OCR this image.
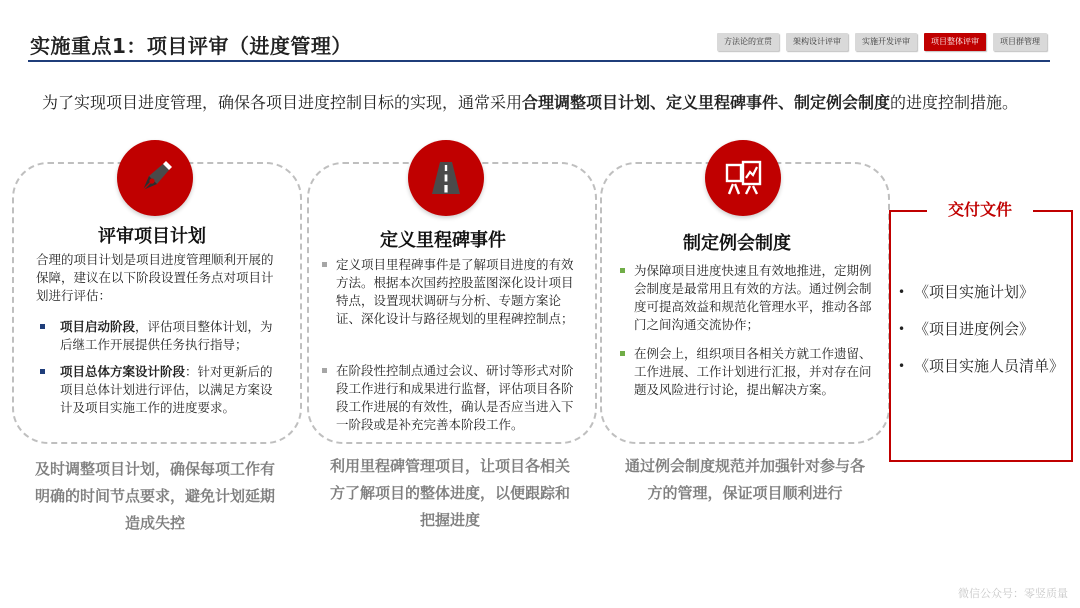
实施重点1：项目评审（进度管理）	方法论的宣贯	架构设计评审	实施开发评审	项目整体评审	项目群管理
为了实现项目进度管理，确保各项目进度控制目标的实现，通常采用合理调整项目计划、定义里程碑事件、制定例会制度的进度控制措施。
评审项目计划	定义里程碑事件	制定例会制度
合理的项目计划是项目进度管理顺利开展的保障，建议在以下阶段设置任务点对项目计划进行评估：
项目启动阶段，评估项目整体计划，为后继工作开展提供任务执行指导；
项目总体方案设计阶段：针对更新后的项目总体计划进行评估，以满足方案设计及项目实施工作的进度要求。
定义项目里程碑事件是了解项目进度的有效方法。根据本次国药控股蓝图深化设计项目特点，设置现状调研与分析、专题方案论证、深化设计与路径规划的里程碑控制点；
在阶段性控制点通过会议、研讨等形式对阶段工作进行和成果进行监督，评估项目各阶段工作进展的有效性，确认是否应当进入下一阶段或是补充完善本阶段工作。
为保障项目进度快速且有效地推进，定期例会制度是最常用且有效的方法。通过例会制度可提高效益和规范化管理水平，推动各部门之间沟通交流协作；
在例会上，组织项目各相关方就工作遗留、工作进展、工作计划进行汇报，并对存在问题及风险进行讨论，提出解决方案。
及时调整项目计划，确保每项工作有明确的时间节点要求，避免计划延期造成失控
利用里程碑管理项目，让项目各相关方了解项目的整体进度，以便跟踪和把握进度
通过例会制度规范并加强针对参与各方的管理，保证项目顺利进行
交付文件
• 《项目实施计划》
• 《项目进度例会》
• 《项目实施人员清单》
微信公众号：零竖质量
